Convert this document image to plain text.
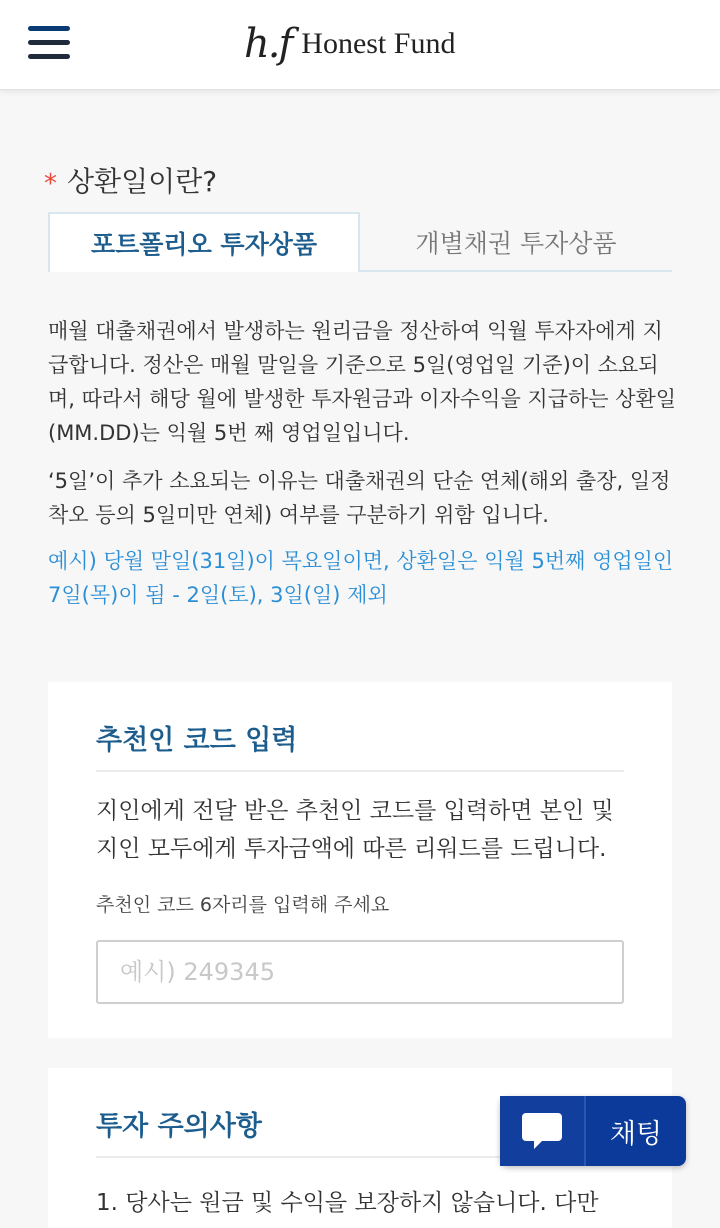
h.f Honest Fund
* 상환일이란?
포트폴리오 투자상품	개별채권 투자상품

매월 대출채권에서 발생하는 원리금을 정산하여 익월 투자자에게 지급합니다. 정산은 매월 말일을 기준으로 5일(영업일 기준)이 소요되며, 따라서 해당 월에 발생한 투자원금과 이자수익을 지급하는 상환일(MM.DD)는 익월 5번 째 영업일입니다.

‘5일’이 추가 소요되는 이유는 대출채권의 단순 연체(해외 출장, 일정 착오 등의 5일미만 연체) 여부를 구분하기 위함 입니다.

예시) 당월 말일(31일)이 목요일이면, 상환일은 익월 5번째 영업일인 7일(목)이 됨 - 2일(토), 3일(일) 제외

추천인 코드 입력

지인에게 전달 받은 추천인 코드를 입력하면 본인 및 지인 모두에게 투자금액에 따른 리워드를 드립니다.

추천인 코드 6자리를 입력해 주세요
예시) 249345
투자 주의사항
1. 당사는 원금 및 수익을 보장하지 않습니다. 다만
채팅
